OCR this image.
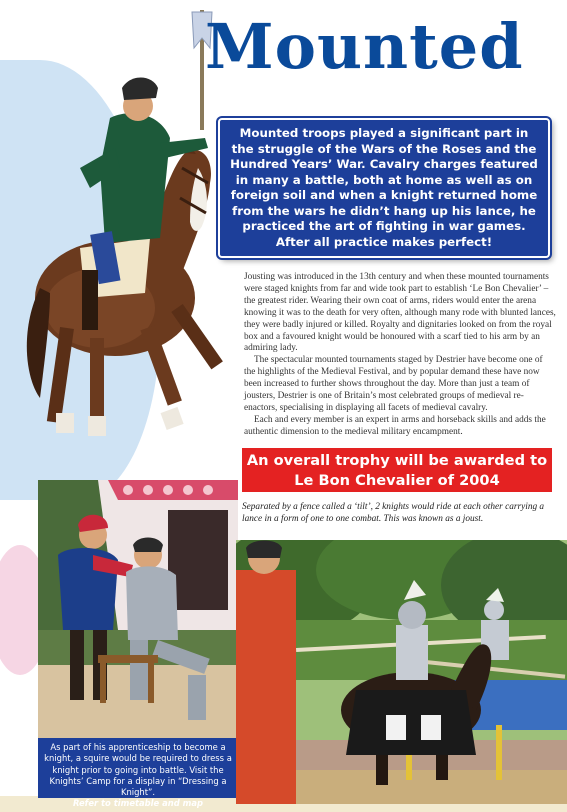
Mounted

Mounted troops played a significant part in the struggle of the Wars of the Roses and the Hundred Years’ War. Cavalry charges featured in many a battle, both at home as well as on foreign soil and when a knight returned home from the wars he didn’t hang up his lance, he practiced the art of fighting in war games.

After all practice makes perfect!

Jousting was introduced in the 13th century and when these mounted tournaments were staged knights from far and wide took part to establish ‘Le Bon Chevalier’ – the greatest rider. Wearing their own coat of arms, riders would enter the arena knowing it was to the death for very often, although many rode with blunted lances, they were badly injured or killed. Royalty and dignitaries looked on from the royal box and a favoured knight would be honoured with a scarf tied to his arm by an admiring lady.

The spectacular mounted tournaments staged by Destrier have become one of the highlights of the Medieval Festival, and by popular demand these have now been increased to further shows throughout the day. More than just a team of jousters, Destrier is one of Britain’s most celebrated groups of medieval re-enactors, specialising in displaying all facets of medieval cavalry.

Each and every member is an expert in arms and horseback skills and adds the authentic dimension to the medieval military encampment.

An overall trophy will be awarded to
Le Bon Chevalier of 2004

As part of his apprenticeship to become a knight, a squire would be required to dress a knight prior to going into battle. Visit the Knights’ Camp for a display in “Dressing a Knight”.

Refer to timetable and map

Separated by a fence called a ‘tilt’, 2 knights would ride at each other carrying a lance in a form of one to one combat. This was known as a joust.
